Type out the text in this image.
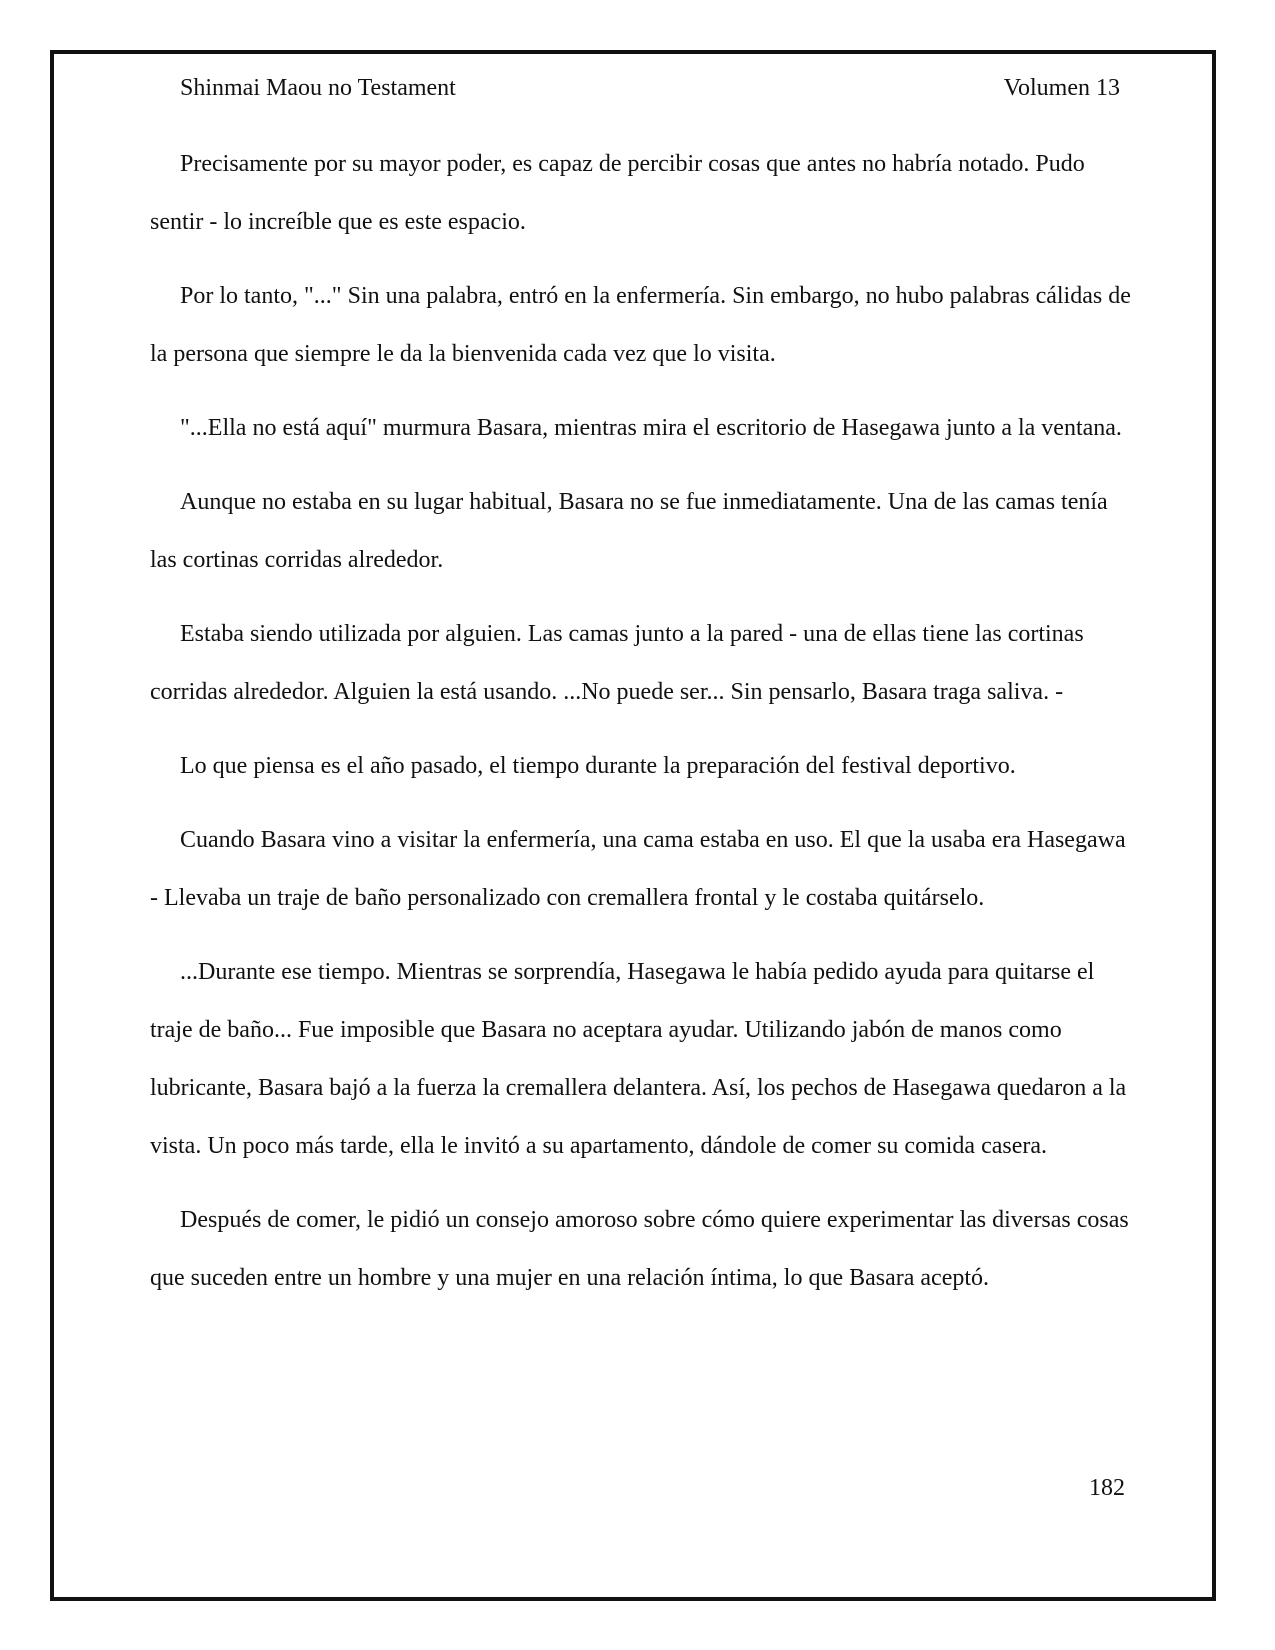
Shinmai Maou no Testament	Volumen 13

Precisamente por su mayor poder, es capaz de percibir cosas que antes no habría notado. Pudo sentir - lo increíble que es este espacio.

Por lo tanto, "..." Sin una palabra, entró en la enfermería. Sin embargo, no hubo palabras cálidas de la persona que siempre le da la bienvenida cada vez que lo visita.

"...Ella no está aquí" murmura Basara, mientras mira el escritorio de Hasegawa junto a la ventana.

Aunque no estaba en su lugar habitual, Basara no se fue inmediatamente. Una de las camas tenía las cortinas corridas alrededor.

Estaba siendo utilizada por alguien. Las camas junto a la pared - una de ellas tiene las cortinas corridas alrededor. Alguien la está usando. ...No puede ser... Sin pensarlo, Basara traga saliva. -

Lo que piensa es el año pasado, el tiempo durante la preparación del festival deportivo.

Cuando Basara vino a visitar la enfermería, una cama estaba en uso. El que la usaba era Hasegawa - Llevaba un traje de baño personalizado con cremallera frontal y le costaba quitárselo.

...Durante ese tiempo. Mientras se sorprendía, Hasegawa le había pedido ayuda para quitarse el traje de baño... Fue imposible que Basara no aceptara ayudar. Utilizando jabón de manos como lubricante, Basara bajó a la fuerza la cremallera delantera. Así, los pechos de Hasegawa quedaron a la vista. Un poco más tarde, ella le invitó a su apartamento, dándole de comer su comida casera.

Después de comer, le pidió un consejo amoroso sobre cómo quiere experimentar las diversas cosas que suceden entre un hombre y una mujer en una relación íntima, lo que Basara aceptó.

182
